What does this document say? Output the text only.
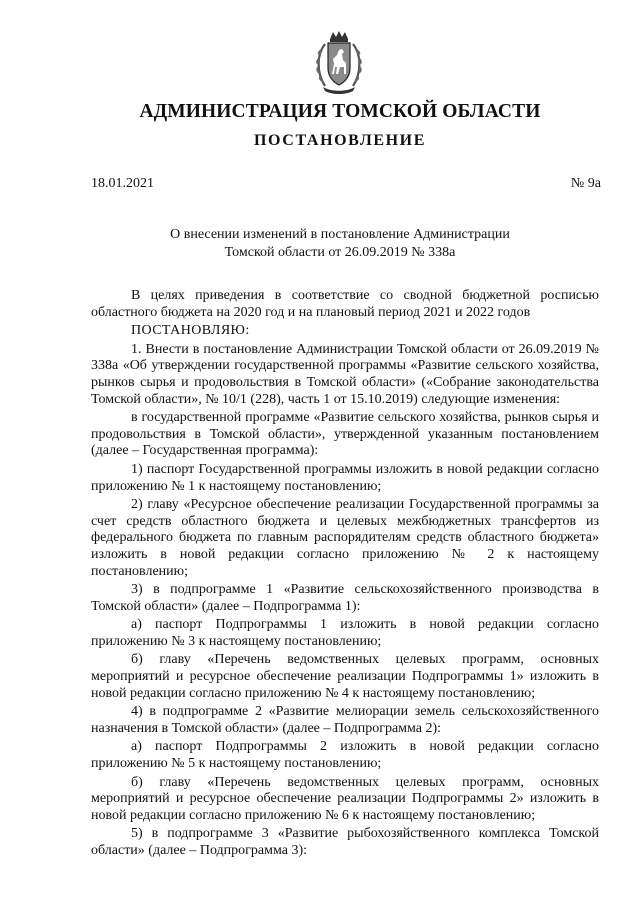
АДМИНИСТРАЦИЯ ТОМСКОЙ ОБЛАСТИ
ПОСТАНОВЛЕНИЕ
18.01.2021	№ 9а
О внесении изменений в постановление Администрации
Томской области от 26.09.2019 № 338а

В целях приведения в соответствие со сводной бюджетной росписью областного бюджета на 2020 год и на плановый период 2021 и 2022 годов

ПОСТАНОВЛЯЮ:

1. Внести в постановление Администрации Томской области от 26.09.2019 № 338а «Об утверждении государственной программы «Развитие сельского хозяйства, рынков сырья и продовольствия в Томской области» («Собрание законодательства Томской области», № 10/1 (228), часть 1 от 15.10.2019) следующие изменения:

в государственной программе «Развитие сельского хозяйства, рынков сырья и продовольствия в Томской области», утвержденной указанным постановлением (далее – Государственная программа):

1) паспорт Государственной программы изложить в новой редакции согласно приложению № 1 к настоящему постановлению;

2) главу «Ресурсное обеспечение реализации Государственной программы за счет средств областного бюджета и целевых межбюджетных трансфертов из федерального бюджета по главным распорядителям средств областного бюджета» изложить в новой редакции согласно приложению № 2 к настоящему постановлению;

3) в подпрограмме 1 «Развитие сельскохозяйственного производства в Томской области» (далее – Подпрограмма 1):

а) паспорт Подпрограммы 1 изложить в новой редакции согласно приложению № 3 к настоящему постановлению;

б) главу «Перечень ведомственных целевых программ, основных мероприятий и ресурсное обеспечение реализации Подпрограммы 1» изложить в новой редакции согласно приложению № 4 к настоящему постановлению;

4) в подпрограмме 2 «Развитие мелиорации земель сельскохозяйственного назначения в Томской области» (далее – Подпрограмма 2):

а) паспорт Подпрограммы 2 изложить в новой редакции согласно приложению № 5 к настоящему постановлению;

б) главу «Перечень ведомственных целевых программ, основных мероприятий и ресурсное обеспечение реализации Подпрограммы 2» изложить в новой редакции согласно приложению № 6 к настоящему постановлению;

5) в подпрограмме 3 «Развитие рыбохозяйственного комплекса Томской области» (далее – Подпрограмма 3):
